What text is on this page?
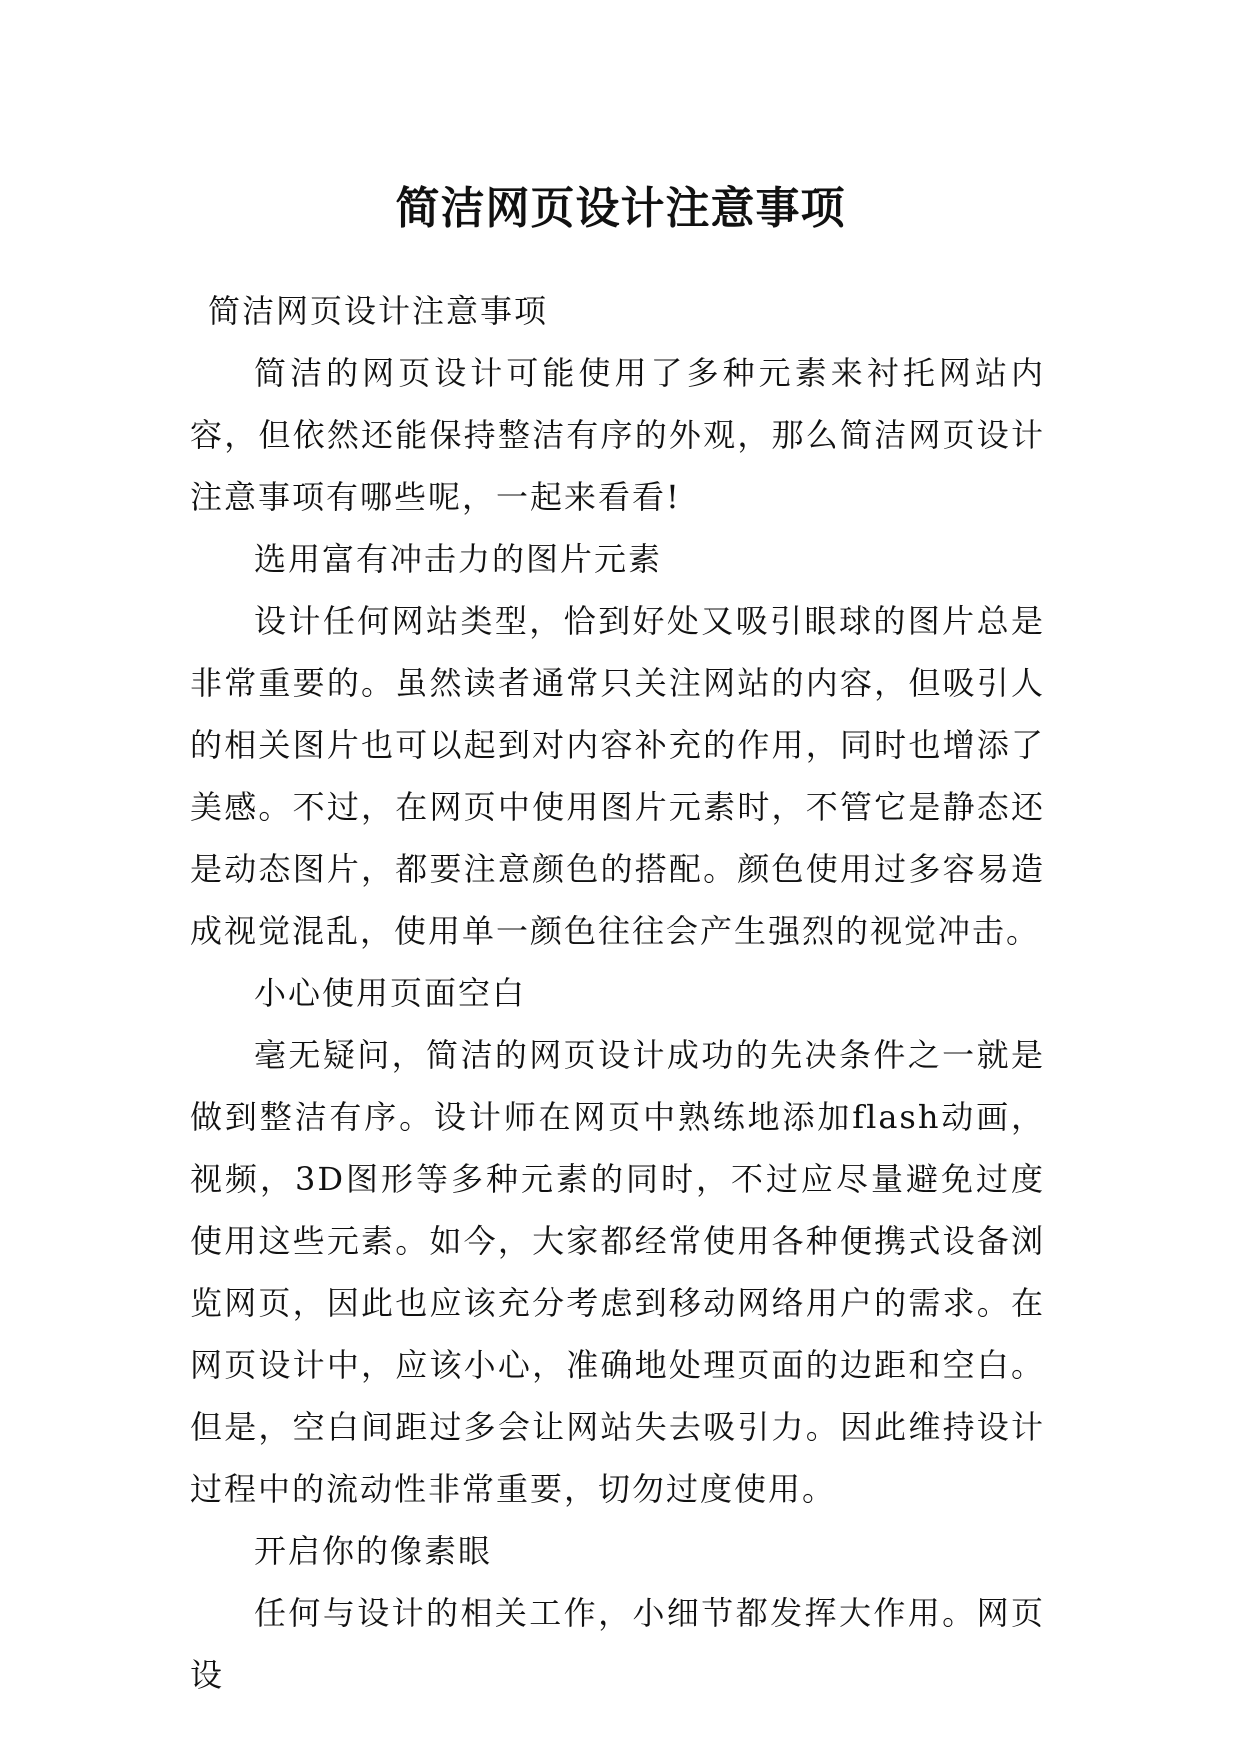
简洁网页设计注意事项

简洁网页设计注意事项

简洁的网页设计可能使用了多种元素来衬托网站内容，但依然还能保持整洁有序的外观，那么简洁网页设计注意事项有哪些呢，一起来看看!

选用富有冲击力的图片元素

设计任何网站类型，恰到好处又吸引眼球的图片总是非常重要的。虽然读者通常只关注网站的内容，但吸引人的相关图片也可以起到对内容补充的作用，同时也增添了美感。不过，在网页中使用图片元素时，不管它是静态还是动态图片，都要注意颜色的搭配。颜色使用过多容易造成视觉混乱，使用单一颜色往往会产生强烈的视觉冲击。

小心使用页面空白

毫无疑问，简洁的网页设计成功的先决条件之一就是做到整洁有序。设计师在网页中熟练地添加flash动画，视频，3D图形等多种元素的同时，不过应尽量避免过度使用这些元素。如今，大家都经常使用各种便携式设备浏览网页，因此也应该充分考虑到移动网络用户的需求。在网页设计中，应该小心，准确地处理页面的边距和空白。但是，空白间距过多会让网站失去吸引力。因此维持设计过程中的流动性非常重要，切勿过度使用。

开启你的像素眼

任何与设计的相关工作，小细节都发挥大作用。网页设
